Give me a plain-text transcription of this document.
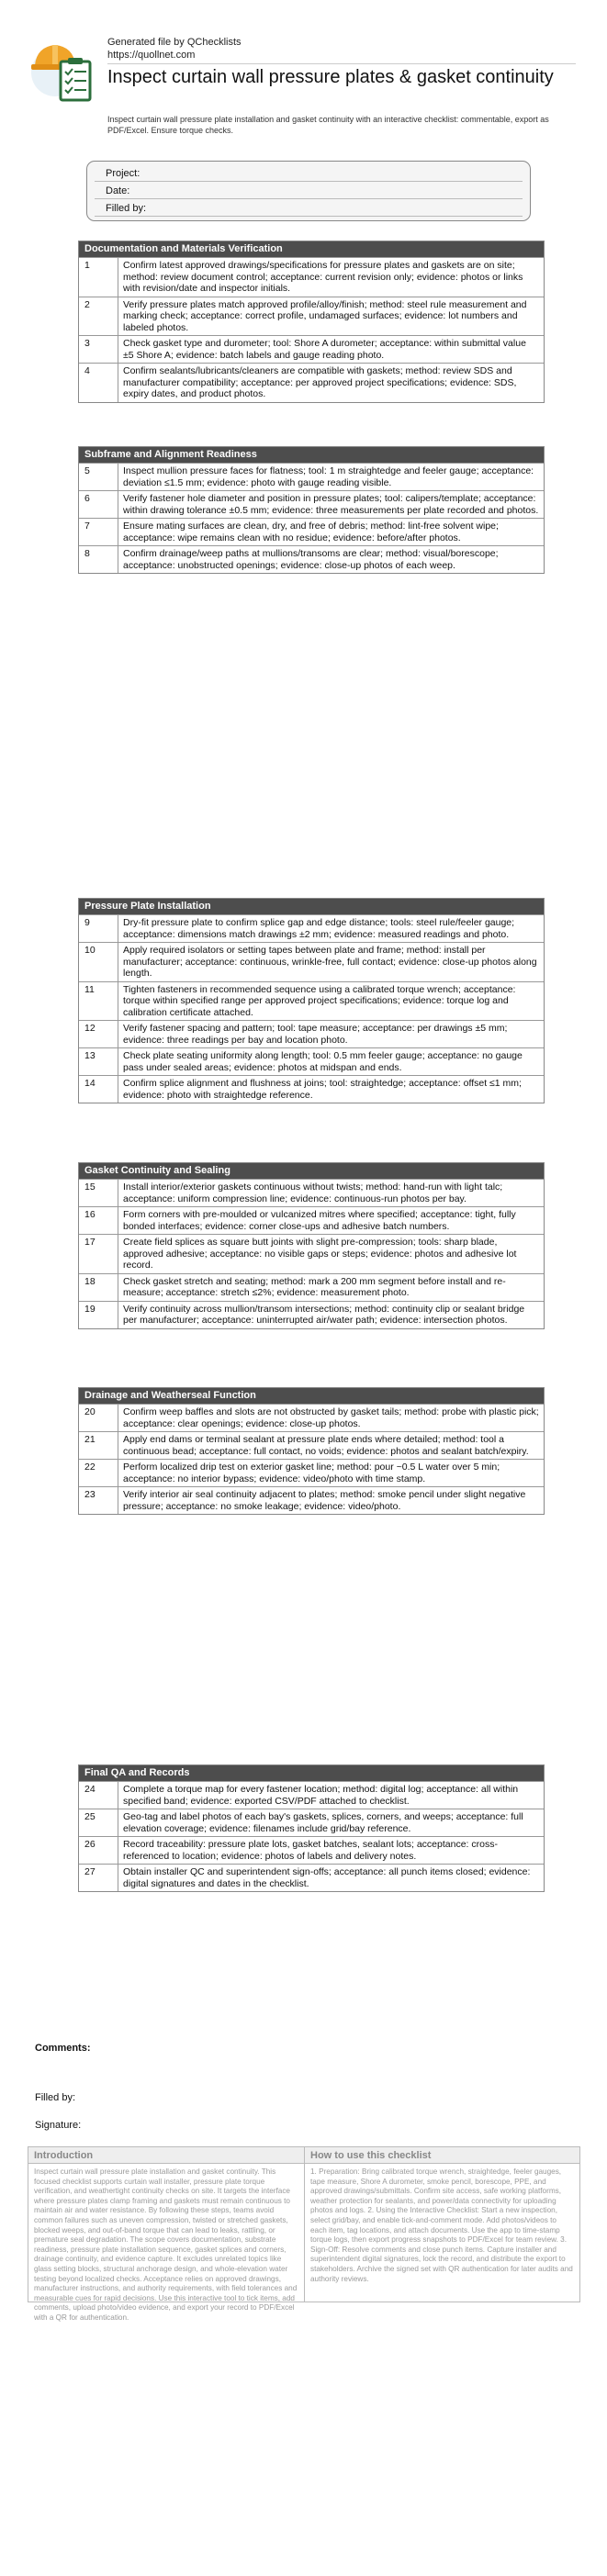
Generated file by QChecklists
https://quollnet.com
Inspect curtain wall pressure plates & gasket continuity
Inspect curtain wall pressure plate installation and gasket continuity with an interactive checklist: commentable, export as PDF/Excel. Ensure torque checks.
Project:
Date:
Filled by:
Documentation and Materials Verification
1	Confirm latest approved drawings/specifications for pressure plates and gaskets are on site; method: review document control; acceptance: current revision only; evidence: photos or links with revision/date and inspector initials.
2	Verify pressure plates match approved profile/alloy/finish; method: steel rule measurement and marking check; acceptance: correct profile, undamaged surfaces; evidence: lot numbers and labeled photos.
3	Check gasket type and durometer; tool: Shore A durometer; acceptance: within submittal value ±5 Shore A; evidence: batch labels and gauge reading photo.
4	Confirm sealants/lubricants/cleaners are compatible with gaskets; method: review SDS and manufacturer compatibility; acceptance: per approved project specifications; evidence: SDS, expiry dates, and product photos.
Subframe and Alignment Readiness
5	Inspect mullion pressure faces for flatness; tool: 1 m straightedge and feeler gauge; acceptance: deviation ≤1.5 mm; evidence: photo with gauge reading visible.
6	Verify fastener hole diameter and position in pressure plates; tool: calipers/template; acceptance: within drawing tolerance ±0.5 mm; evidence: three measurements per plate recorded and photos.
7	Ensure mating surfaces are clean, dry, and free of debris; method: lint-free solvent wipe; acceptance: wipe remains clean with no residue; evidence: before/after photos.
8	Confirm drainage/weep paths at mullions/transoms are clear; method: visual/borescope; acceptance: unobstructed openings; evidence: close-up photos of each weep.
Pressure Plate Installation
9	Dry-fit pressure plate to confirm splice gap and edge distance; tools: steel rule/feeler gauge; acceptance: dimensions match drawings ±2 mm; evidence: measured readings and photo.
10	Apply required isolators or setting tapes between plate and frame; method: install per manufacturer; acceptance: continuous, wrinkle-free, full contact; evidence: close-up photos along length.
11	Tighten fasteners in recommended sequence using a calibrated torque wrench; acceptance: torque within specified range per approved project specifications; evidence: torque log and calibration certificate attached.
12	Verify fastener spacing and pattern; tool: tape measure; acceptance: per drawings ±5 mm; evidence: three readings per bay and location photo.
13	Check plate seating uniformity along length; tool: 0.5 mm feeler gauge; acceptance: no gauge pass under sealed areas; evidence: photos at midspan and ends.
14	Confirm splice alignment and flushness at joins; tool: straightedge; acceptance: offset ≤1 mm; evidence: photo with straightedge reference.
Gasket Continuity and Sealing
15	Install interior/exterior gaskets continuous without twists; method: hand-run with light talc; acceptance: uniform compression line; evidence: continuous-run photos per bay.
16	Form corners with pre-moulded or vulcanized mitres where specified; acceptance: tight, fully bonded interfaces; evidence: corner close-ups and adhesive batch numbers.
17	Create field splices as square butt joints with slight pre-compression; tools: sharp blade, approved adhesive; acceptance: no visible gaps or steps; evidence: photos and adhesive lot record.
18	Check gasket stretch and seating; method: mark a 200 mm segment before install and re-measure; acceptance: stretch ≤2%; evidence: measurement photo.
19	Verify continuity across mullion/transom intersections; method: continuity clip or sealant bridge per manufacturer; acceptance: uninterrupted air/water path; evidence: intersection photos.
Drainage and Weatherseal Function
20	Confirm weep baffles and slots are not obstructed by gasket tails; method: probe with plastic pick; acceptance: clear openings; evidence: close-up photos.
21	Apply end dams or terminal sealant at pressure plate ends where detailed; method: tool a continuous bead; acceptance: full contact, no voids; evidence: photos and sealant batch/expiry.
22	Perform localized drip test on exterior gasket line; method: pour ~0.5 L water over 5 min; acceptance: no interior bypass; evidence: video/photo with time stamp.
23	Verify interior air seal continuity adjacent to plates; method: smoke pencil under slight negative pressure; acceptance: no smoke leakage; evidence: video/photo.
Final QA and Records
24	Complete a torque map for every fastener location; method: digital log; acceptance: all within specified band; evidence: exported CSV/PDF attached to checklist.
25	Geo-tag and label photos of each bay's gaskets, splices, corners, and weeps; acceptance: full elevation coverage; evidence: filenames include grid/bay reference.
26	Record traceability: pressure plate lots, gasket batches, sealant lots; acceptance: cross-referenced to location; evidence: photos of labels and delivery notes.
27	Obtain installer QC and superintendent sign-offs; acceptance: all punch items closed; evidence: digital signatures and dates in the checklist.
Comments:
Filled by:
Signature:
Introduction
Inspect curtain wall pressure plate installation and gasket continuity. This focused checklist supports curtain wall installer, pressure plate torque verification, and weathertight continuity checks on site. It targets the interface where pressure plates clamp framing and gaskets must remain continuous to maintain air and water resistance. By following these steps, teams avoid common failures such as uneven compression, twisted or stretched gaskets, blocked weeps, and out-of-band torque that can lead to leaks, rattling, or premature seal degradation. The scope covers documentation, substrate readiness, pressure plate installation sequence, gasket splices and corners, drainage continuity, and evidence capture. It excludes unrelated topics like glass setting blocks, structural anchorage design, and whole-elevation water testing beyond localized checks. Acceptance relies on approved drawings, manufacturer instructions, and authority requirements, with field tolerances and measurable cues for rapid decisions. Use this interactive tool to tick items, add comments, upload photo/video evidence, and export your record to PDF/Excel with a QR for authentication.
How to use this checklist
1. Preparation: Bring calibrated torque wrench, straightedge, feeler gauges, tape measure, Shore A durometer, smoke pencil, borescope, PPE, and approved drawings/submittals. Confirm site access, safe working platforms, weather protection for sealants, and power/data connectivity for uploading photos and logs. 2. Using the Interactive Checklist: Start a new inspection, select grid/bay, and enable tick-and-comment mode. Add photos/videos to each item, tag locations, and attach documents. Use the app to time-stamp torque logs, then export progress snapshots to PDF/Excel for team review. 3. Sign-Off: Resolve comments and close punch items. Capture installer and superintendent digital signatures, lock the record, and distribute the export to stakeholders. Archive the signed set with QR authentication for later audits and authority reviews.
